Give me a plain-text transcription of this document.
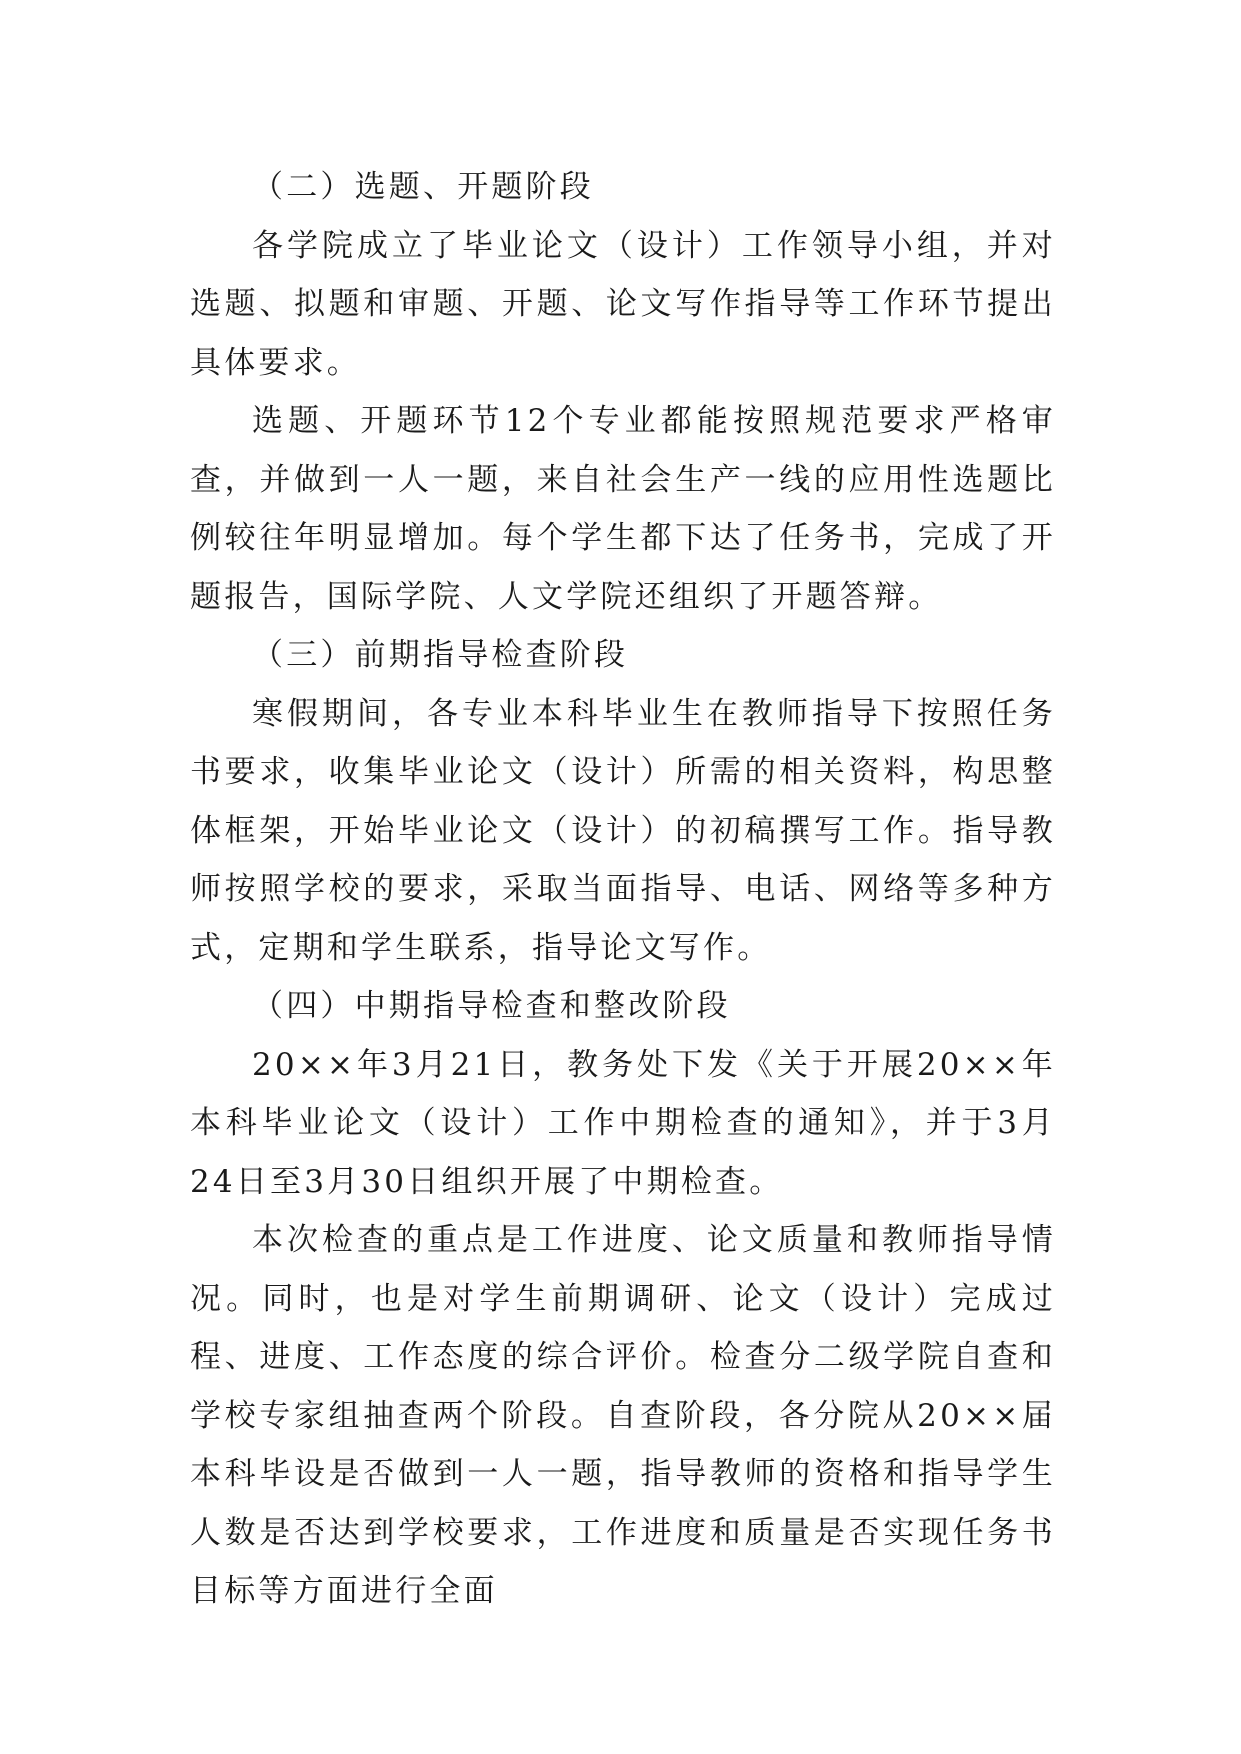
（二）选题、开题阶段

各学院成立了毕业论文（设计）工作领导小组，并对选题、拟题和审题、开题、论文写作指导等工作环节提出具体要求。

选题、开题环节12个专业都能按照规范要求严格审查，并做到一人一题，来自社会生产一线的应用性选题比例较往年明显增加。每个学生都下达了任务书，完成了开题报告，国际学院、人文学院还组织了开题答辩。

（三）前期指导检查阶段

寒假期间，各专业本科毕业生在教师指导下按照任务书要求，收集毕业论文（设计）所需的相关资料，构思整体框架，开始毕业论文（设计）的初稿撰写工作。指导教师按照学校的要求，采取当面指导、电话、网络等多种方式，定期和学生联系，指导论文写作。

（四）中期指导检查和整改阶段

20××年3月21日，教务处下发《关于开展20××年本科毕业论文（设计）工作中期检查的通知》，并于3月24日至3月30日组织开展了中期检查。

本次检查的重点是工作进度、论文质量和教师指导情况。同时，也是对学生前期调研、论文（设计）完成过程、进度、工作态度的综合评价。检查分二级学院自查和学校专家组抽查两个阶段。自查阶段，各分院从20××届本科毕设是否做到一人一题，指导教师的资格和指导学生人数是否达到学校要求，工作进度和质量是否实现任务书目标等方面进行全面
